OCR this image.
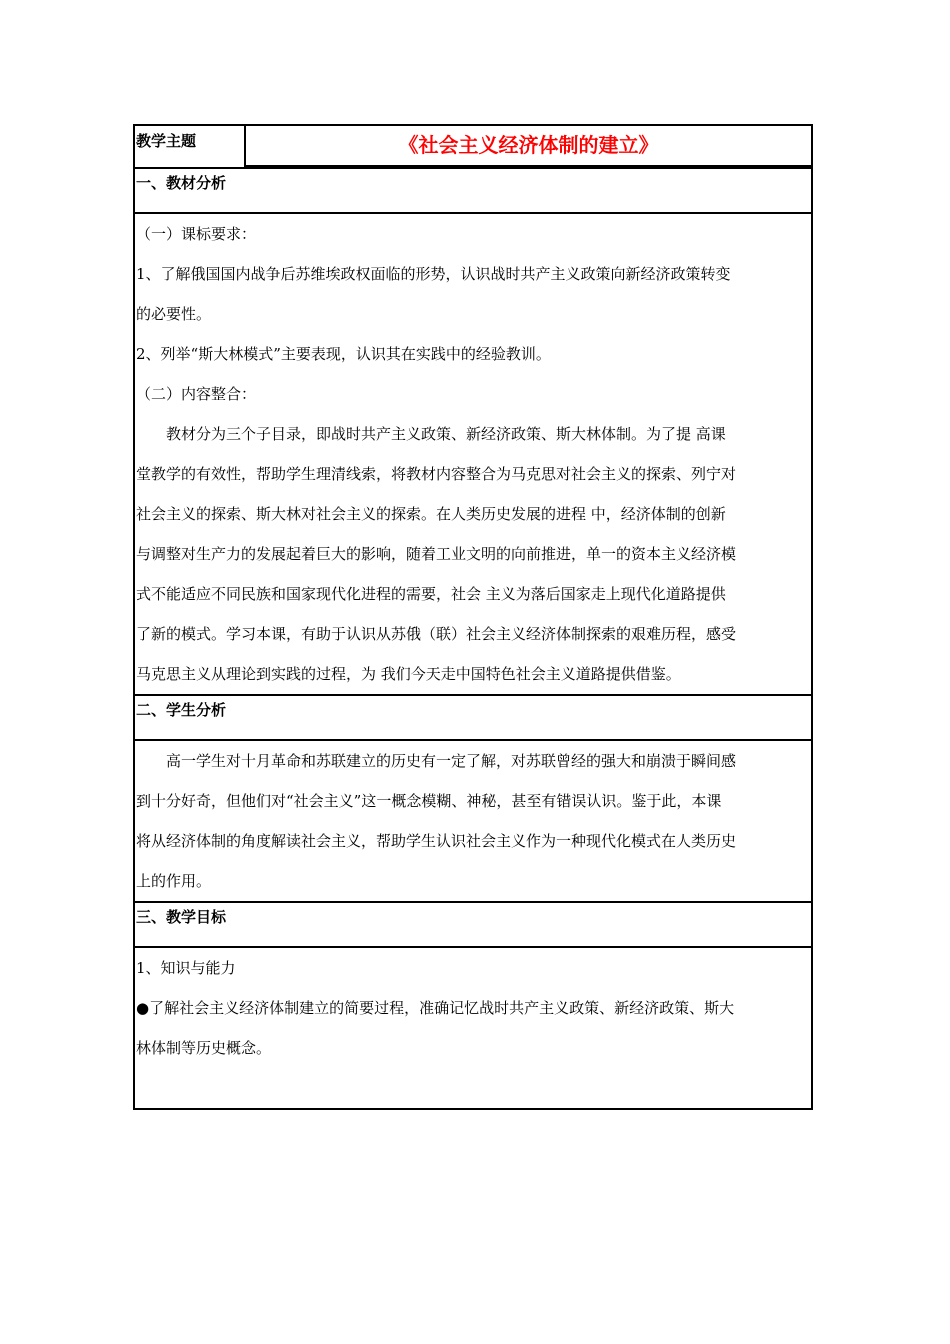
教学主题	《社会主义经济体制的建立》
一、教材分析

（一）课标要求：

1、了解俄国国内战争后苏维埃政权面临的形势，认识战时共产主义政策向新经济政策转变

的必要性。

2、列举“斯大林模式”主要表现，认识其在实践中的经验教训。

（二）内容整合：

教材分为三个子目录，即战时共产主义政策、新经济政策、斯大林体制。为了提 高课

堂教学的有效性，帮助学生理清线索，将教材内容整合为马克思对社会主义的探索、列宁对

社会主义的探索、斯大林对社会主义的探索。在人类历史发展的进程 中，经济体制的创新

与调整对生产力的发展起着巨大的影响，随着工业文明的向前推进，单一的资本主义经济模

式不能适应不同民族和国家现代化进程的需要，社会 主义为落后国家走上现代化道路提供

了新的模式。学习本课，有助于认识从苏俄（联）社会主义经济体制探索的艰难历程，感受

马克思主义从理论到实践的过程，为 我们今天走中国特色社会主义道路提供借鉴。

二、学生分析

高一学生对十月革命和苏联建立的历史有一定了解，对苏联曾经的强大和崩溃于瞬间感

到十分好奇，但他们对“社会主义”这一概念模糊、神秘，甚至有错误认识。鉴于此，本课

将从经济体制的角度解读社会主义，帮助学生认识社会主义作为一种现代化模式在人类历史

上的作用。

三、教学目标

1、知识与能力

●了解社会主义经济体制建立的简要过程，准确记忆战时共产主义政策、新经济政策、斯大

林体制等历史概念。
